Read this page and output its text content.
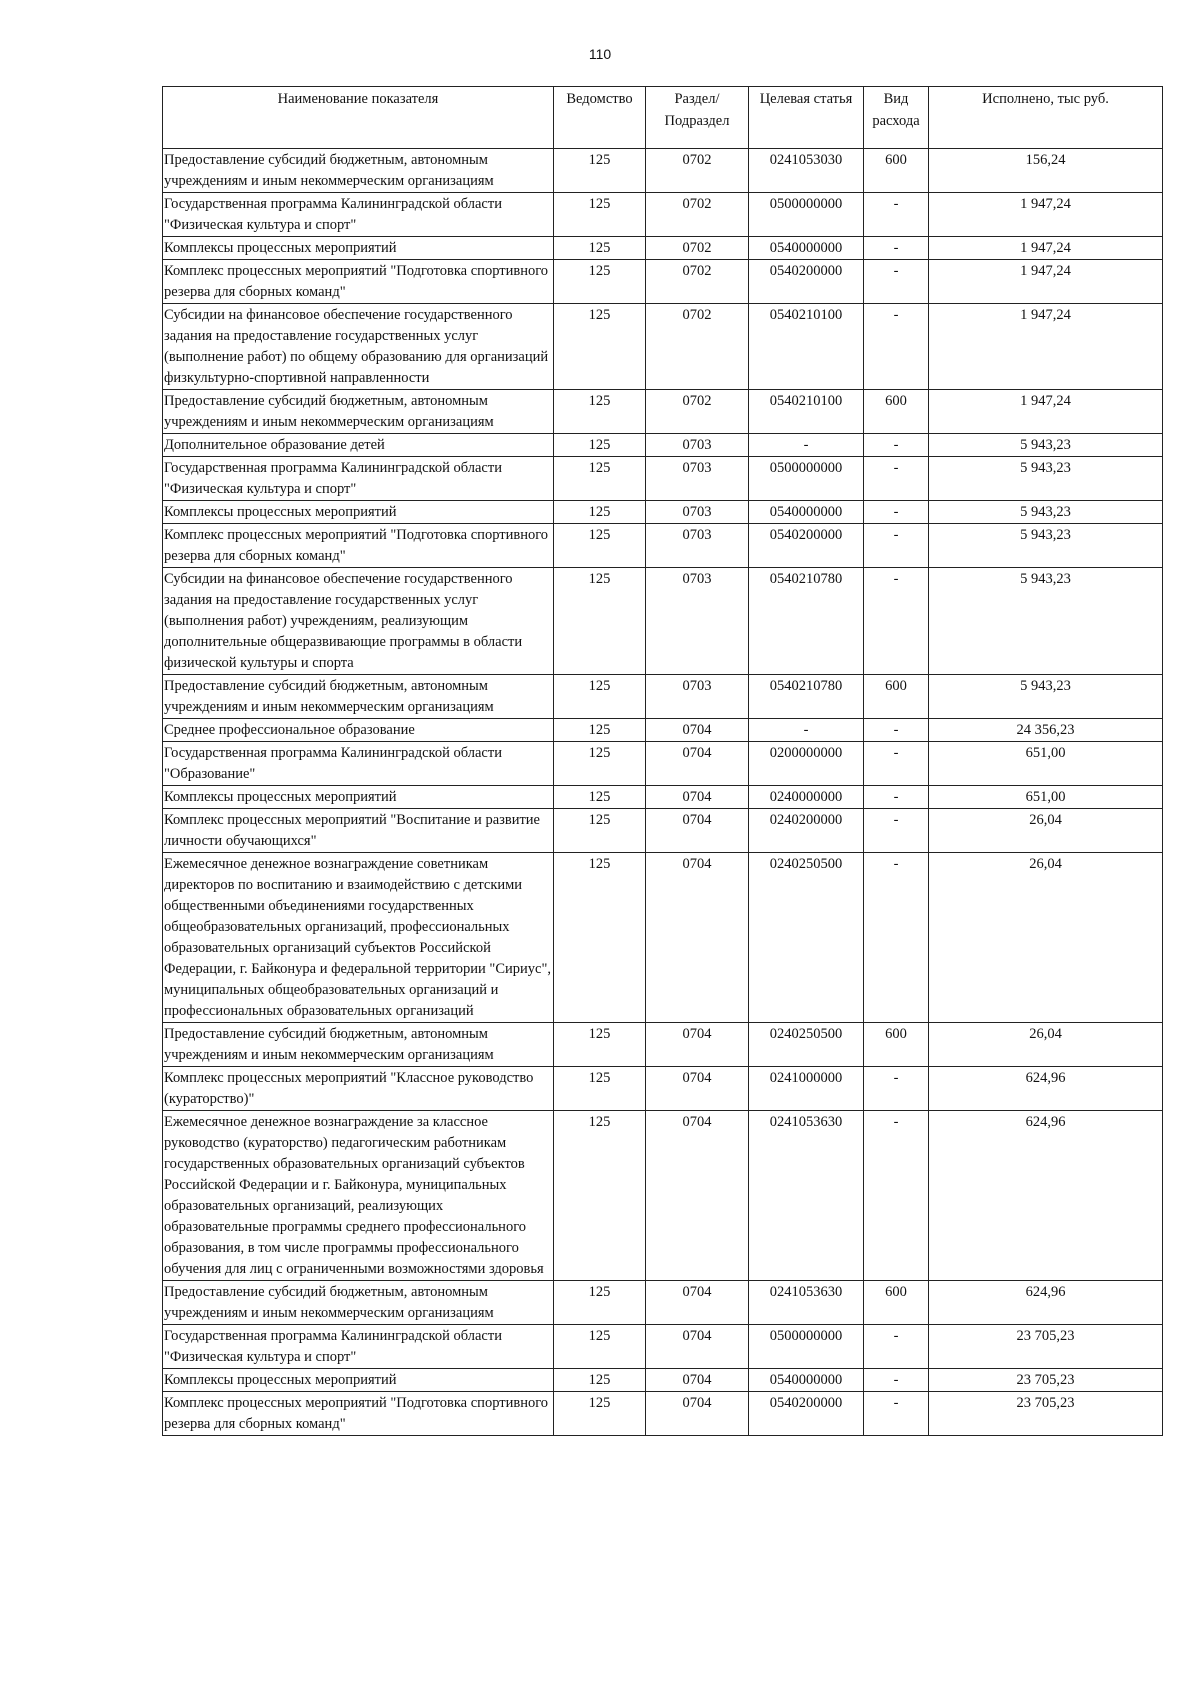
110
Наименование показателя	Ведомство	Раздел/ Подраздел	Целевая статья	Вид расхода	Исполнено, тыс руб.
Предоставление субсидий бюджетным, автономным учреждениям и иным некоммерческим организациям	125	0702	0241053030	600	156,24
Государственная программа Калининградской области "Физическая культура и спорт"	125	0702	0500000000	-	1 947,24
Комплексы процессных мероприятий	125	0702	0540000000	-	1 947,24
Комплекс процессных мероприятий "Подготовка спортивного резерва для сборных команд"	125	0702	0540200000	-	1 947,24
Субсидии на финансовое обеспечение государственного задания на предоставление государственных услуг (выполнение работ) по общему образованию для организаций физкультурно-спортивной направленности	125	0702	0540210100	-	1 947,24
Предоставление субсидий бюджетным, автономным учреждениям и иным некоммерческим организациям	125	0702	0540210100	600	1 947,24
Дополнительное образование детей	125	0703	-	-	5 943,23
Государственная программа Калининградской области "Физическая культура и спорт"	125	0703	0500000000	-	5 943,23
Комплексы процессных мероприятий	125	0703	0540000000	-	5 943,23
Комплекс процессных мероприятий "Подготовка спортивного резерва для сборных команд"	125	0703	0540200000	-	5 943,23
Субсидии на финансовое обеспечение государственного задания на предоставление государственных услуг (выполнения работ) учреждениям, реализующим дополнительные общеразвивающие программы в области физической культуры и спорта	125	0703	0540210780	-	5 943,23
Предоставление субсидий бюджетным, автономным учреждениям и иным некоммерческим организациям	125	0703	0540210780	600	5 943,23
Среднее профессиональное образование	125	0704	-	-	24 356,23
Государственная программа Калининградской области "Образование"	125	0704	0200000000	-	651,00
Комплексы процессных мероприятий	125	0704	0240000000	-	651,00
Комплекс процессных мероприятий "Воспитание и развитие личности обучающихся"	125	0704	0240200000	-	26,04
Ежемесячное денежное вознаграждение советникам директоров по воспитанию и взаимодействию с детскими общественными объединениями государственных общеобразовательных организаций, профессиональных образовательных организаций субъектов Российской Федерации, г. Байконура и федеральной территории "Сириус", муниципальных общеобразовательных организаций и профессиональных образовательных организаций	125	0704	0240250500	-	26,04
Предоставление субсидий бюджетным, автономным учреждениям и иным некоммерческим организациям	125	0704	0240250500	600	26,04
Комплекс процессных мероприятий "Классное руководство (кураторство)"	125	0704	0241000000	-	624,96
Ежемесячное денежное вознаграждение за классное руководство (кураторство) педагогическим работникам государственных образовательных организаций субъектов Российской Федерации и г. Байконура, муниципальных образовательных организаций, реализующих образовательные программы среднего профессионального образования, в том числе программы профессионального обучения для лиц с ограниченными возможностями здоровья	125	0704	0241053630	-	624,96
Предоставление субсидий бюджетным, автономным учреждениям и иным некоммерческим организациям	125	0704	0241053630	600	624,96
Государственная программа Калининградской области "Физическая культура и спорт"	125	0704	0500000000	-	23 705,23
Комплексы процессных мероприятий	125	0704	0540000000	-	23 705,23
Комплекс процессных мероприятий "Подготовка спортивного резерва для сборных команд"	125	0704	0540200000	-	23 705,23
